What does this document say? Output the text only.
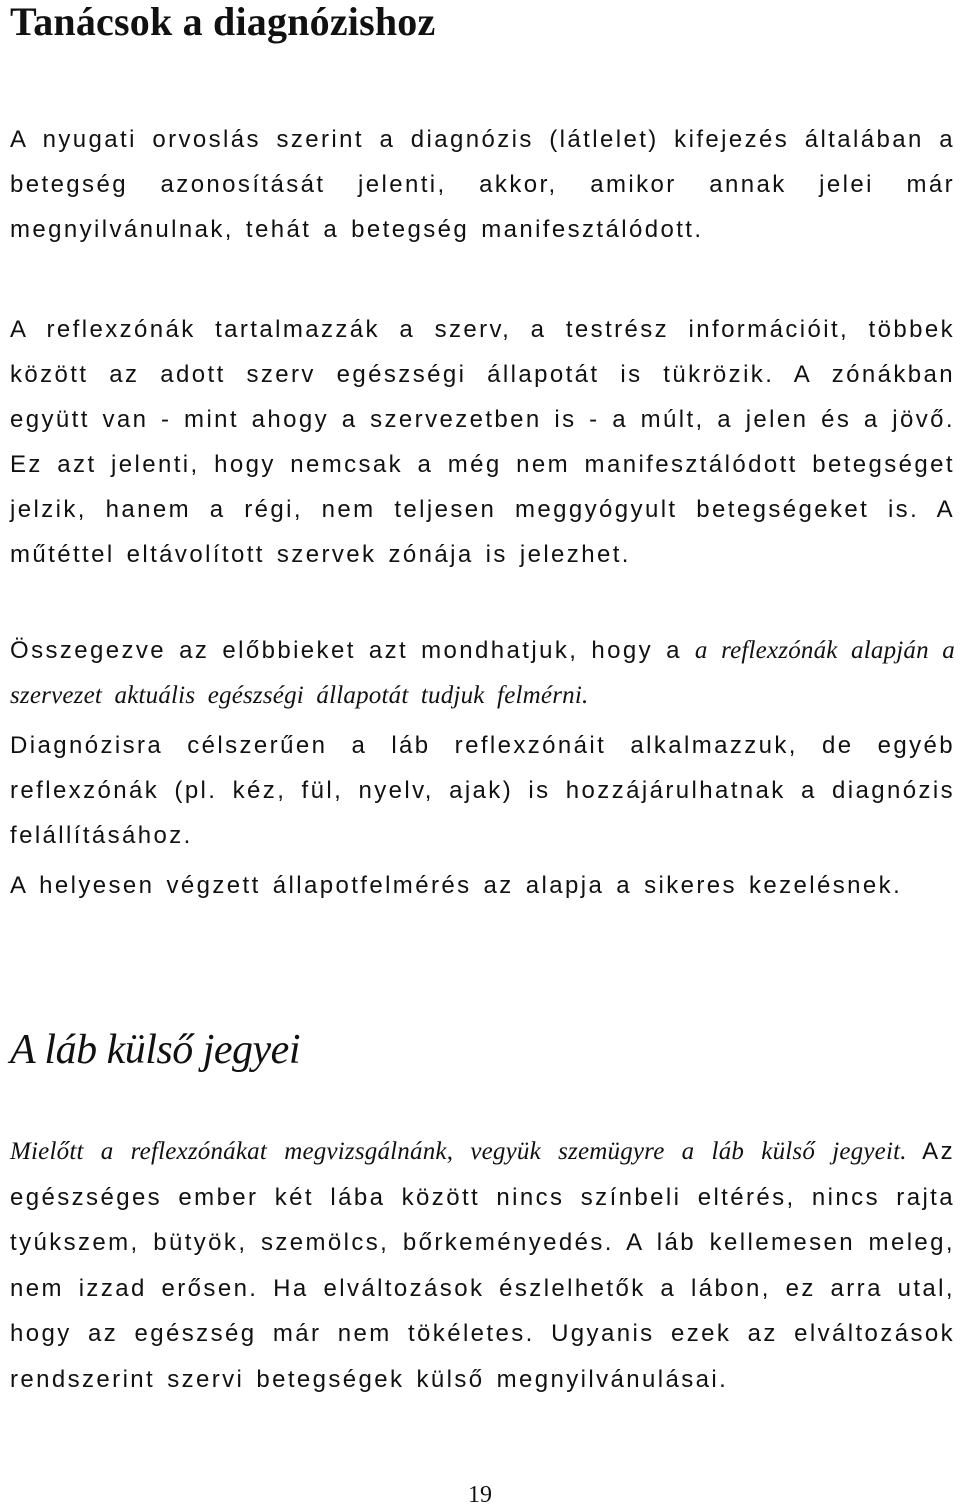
Tanácsok a diagnózishoz

A nyugati orvoslás szerint a diagnózis (látlelet) kifejezés általában a betegség azonosítását jelenti, akkor, amikor annak jelei már megnyilvánulnak, tehát a betegség manifesztálódott.

A reflexzónák tartalmazzák a szerv, a testrész információit, többek között az adott szerv egészségi állapotát is tükrözik. A zónákban együtt van - mint ahogy a szervezetben is - a múlt, a jelen és a jövő. Ez azt jelenti, hogy nemcsak a még nem manifesztálódott betegséget jelzik, hanem a régi, nem teljesen meggyógyult betegségeket is. A műtéttel eltávolított szervek zónája is jelezhet.

Összegezve az előbbieket azt mondhatjuk, hogy a a reflexzónák alapján a szervezet aktuális egészségi állapotát tudjuk felmérni.

Diagnózisra célszerűen a láb reflexzónáit alkalmazzuk, de egyéb reflexzónák (pl. kéz, fül, nyelv, ajak) is hozzájárulhatnak a diagnózis felállításához.

A helyesen végzett állapotfelmérés az alapja a sikeres kezelésnek.

A láb külső jegyei

Mielőtt a reflexzónákat megvizsgálnánk, vegyük szemügyre a láb külső jegyeit. Az egészséges ember két lába között nincs színbeli eltérés, nincs rajta tyúkszem, bütyök, szemölcs, bőrkeményedés. A láb kellemesen meleg, nem izzad erősen. Ha elváltozások észlelhetők a lábon, ez arra utal, hogy az egészség már nem tökéletes. Ugyanis ezek az elváltozások rendszerint szervi betegségek külső megnyilvánulásai.

19
